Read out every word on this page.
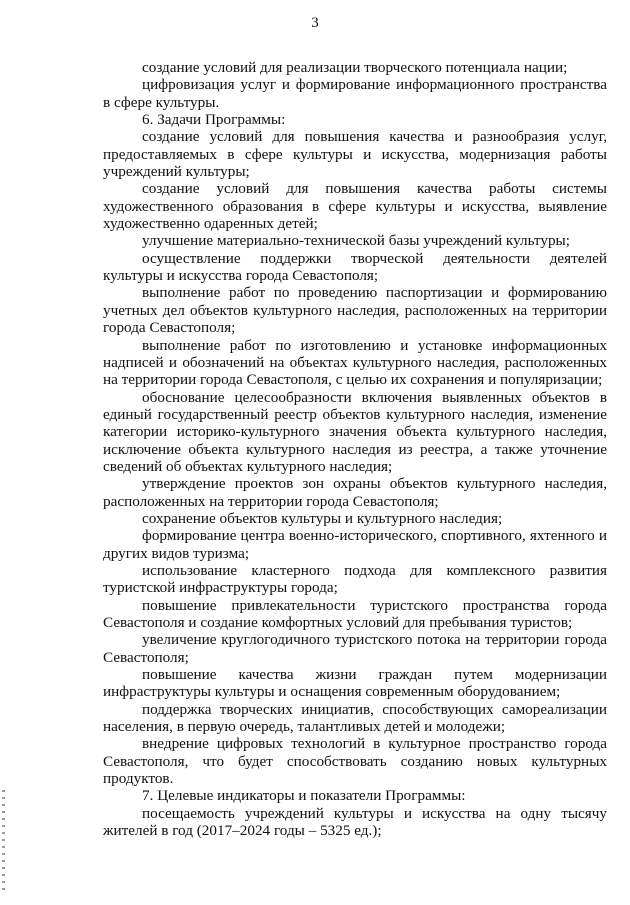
3

создание условий для реализации творческого потенциала нации;

цифровизация услуг и формирование информационного пространства в сфере культуры.

6. Задачи Программы:

создание условий для повышения качества и разнообразия услуг, предоставляемых в сфере культуры и искусства, модернизация работы учреждений культуры;

создание условий для повышения качества работы системы художественного образования в сфере культуры и искусства, выявление художественно одаренных детей;

улучшение материально-технической базы учреждений культуры;

осуществление поддержки творческой деятельности деятелей культуры и искусства города Севастополя;

выполнение работ по проведению паспортизации и формированию учетных дел объектов культурного наследия, расположенных на территории города Севастополя;

выполнение работ по изготовлению и установке информационных надписей и обозначений на объектах культурного наследия, расположенных на территории города Севастополя, с целью их сохранения и популяризации;

обоснование целесообразности включения выявленных объектов в единый государственный реестр объектов культурного наследия, изменение категории историко-культурного значения объекта культурного наследия, исключение объекта культурного наследия из реестра, а также уточнение сведений об объектах культурного наследия;

утверждение проектов зон охраны объектов культурного наследия, расположенных на территории города Севастополя;

сохранение объектов культуры и культурного наследия;

формирование центра военно-исторического, спортивного, яхтенного и других видов туризма;

использование кластерного подхода для комплексного развития туристской инфраструктуры города;

повышение привлекательности туристского пространства города Севастополя и создание комфортных условий для пребывания туристов;

увеличение круглогодичного туристского потока на территории города Севастополя;

повышение качества жизни граждан путем модернизации инфраструктуры культуры и оснащения современным оборудованием;

поддержка творческих инициатив, способствующих самореализации населения, в первую очередь, талантливых детей и молодежи;

внедрение цифровых технологий в культурное пространство города Севастополя, что будет способствовать созданию новых культурных продуктов.

7. Целевые индикаторы и показатели Программы:

посещаемость учреждений культуры и искусства на одну тысячу жителей в год (2017–2024 годы – 5325 ед.);
